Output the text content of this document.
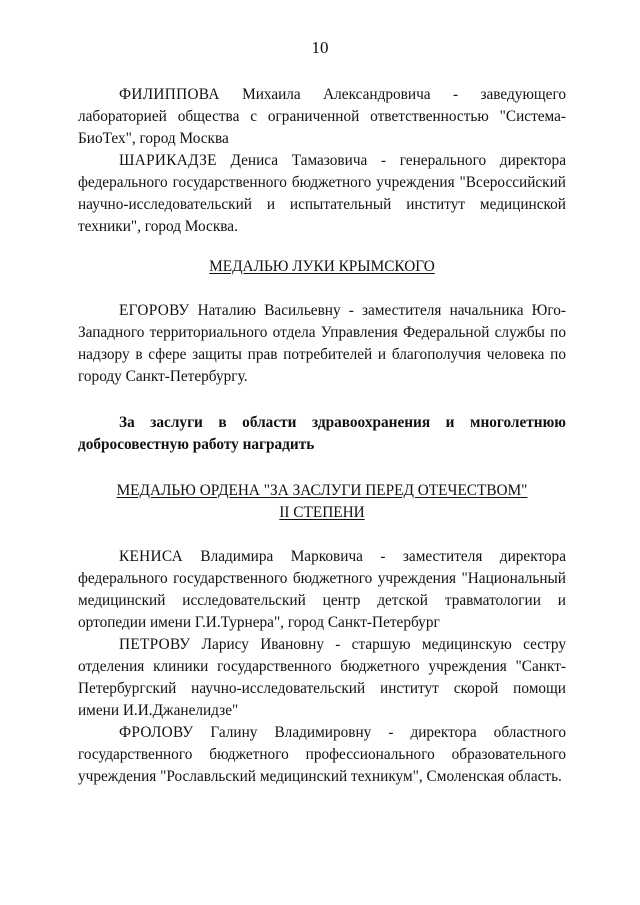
10

ФИЛИППОВА Михаила Александровича - заведующего лабораторией общества с ограниченной ответственностью "Система-БиоТех", город Москва

ШАРИКАДЗЕ Дениса Тамазовича - генерального директора федерального государственного бюджетного учреждения "Всероссийский научно-исследовательский и испытательный институт медицинской техники", город Москва.

МЕДАЛЬЮ ЛУКИ КРЫМСКОГО

ЕГОРОВУ Наталию Васильевну - заместителя начальника Юго-Западного территориального отдела Управления Федеральной службы по надзору в сфере защиты прав потребителей и благополучия человека по городу Санкт-Петербургу.

За заслуги в области здравоохранения и многолетнюю добросовестную работу наградить

МЕДАЛЬЮ ОРДЕНА "ЗА ЗАСЛУГИ ПЕРЕД ОТЕЧЕСТВОМ"

II СТЕПЕНИ

КЕНИСА Владимира Марковича - заместителя директора федерального государственного бюджетного учреждения "Национальный медицинский исследовательский центр детской травматологии и ортопедии имени Г.И.Турнера", город Санкт-Петербург

ПЕТРОВУ Ларису Ивановну - старшую медицинскую сестру отделения клиники государственного бюджетного учреждения "Санкт-Петербургский научно-исследовательский институт скорой помощи имени И.И.Джанелидзе"

ФРОЛОВУ Галину Владимировну - директора областного государственного бюджетного профессионального образовательного учреждения "Рославльский медицинский техникум", Смоленская область.
